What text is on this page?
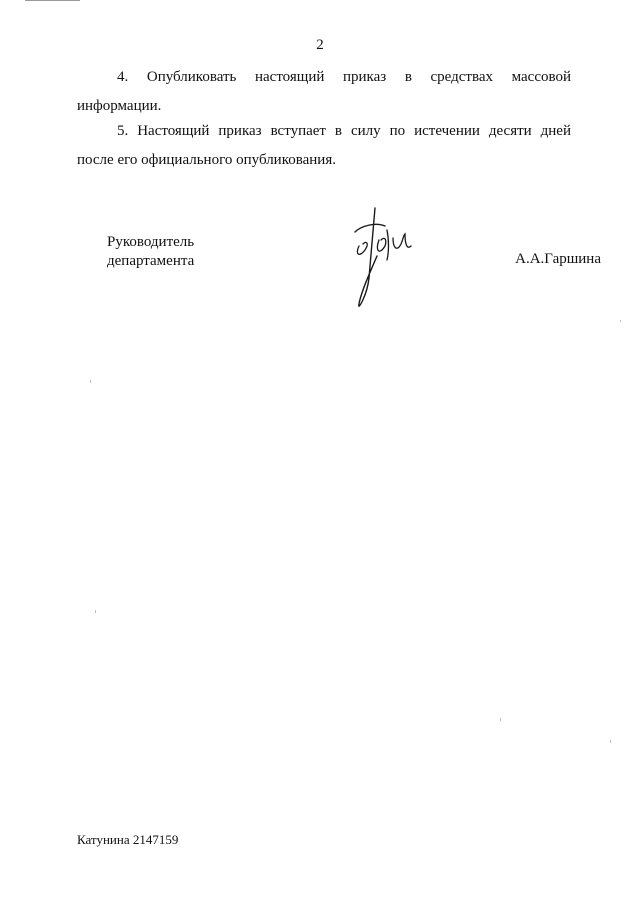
2
4. Опубликовать настоящий приказ в средствах массовой
информации.
5. Настоящий приказ вступает в силу по истечении десяти дней
после его официального опубликования.
Руководитель
департамента	А.А.Гаршина
Катунина 2147159
